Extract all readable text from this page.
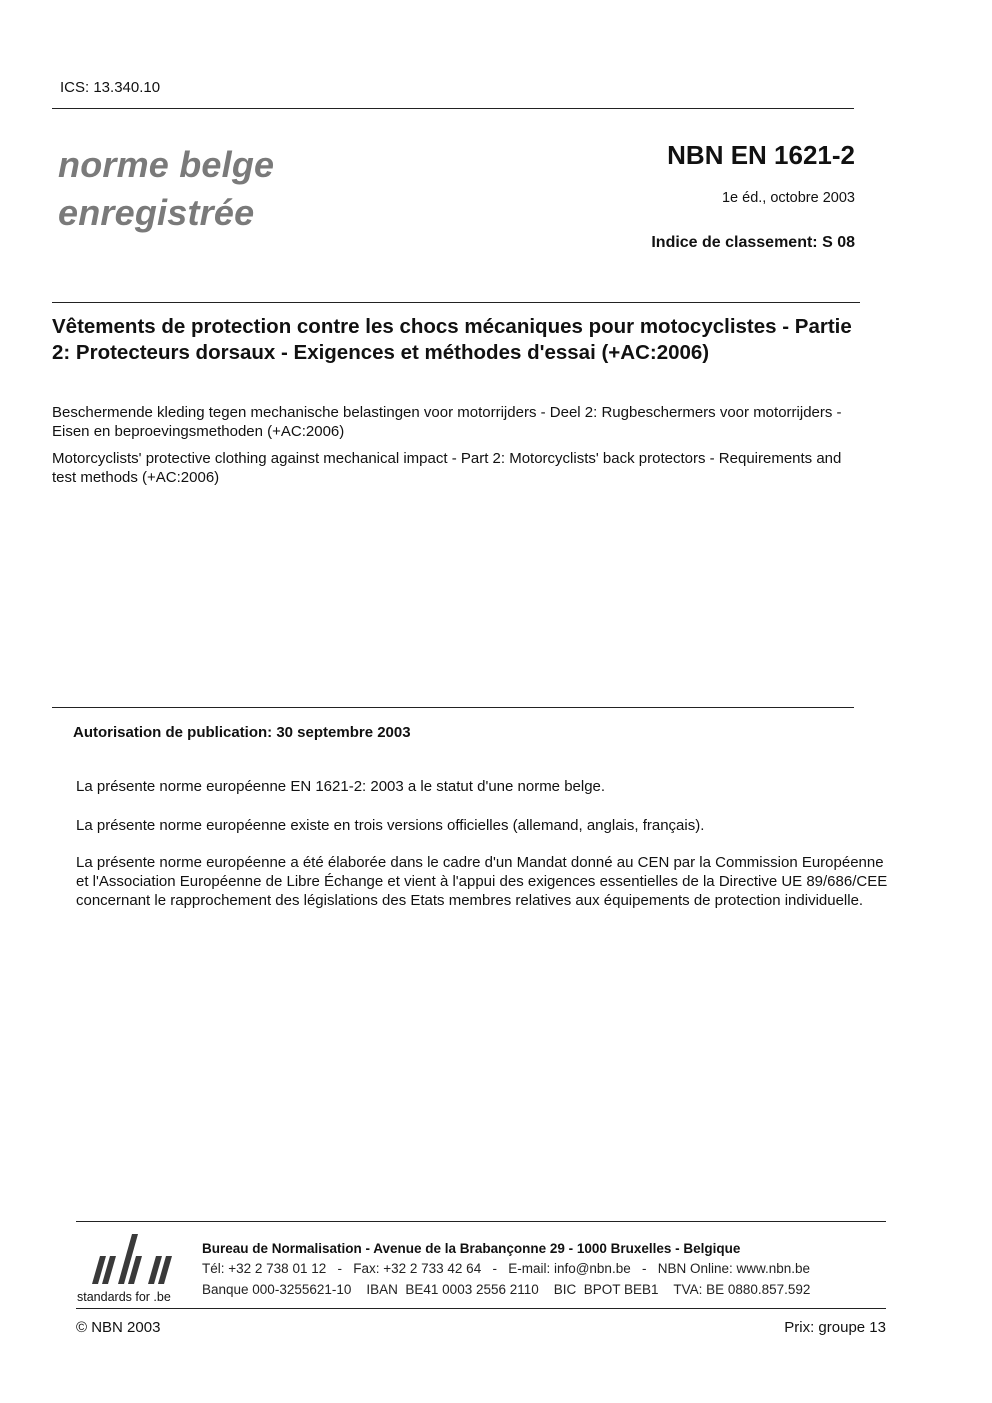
ICS: 13.340.10
norme belge
enregistrée
NBN EN 1621-2
1e éd., octobre 2003
Indice de classement: S 08
Vêtements de protection contre les chocs mécaniques pour motocyclistes - Partie 2: Protecteurs dorsaux - Exigences et méthodes d'essai (+AC:2006)
Beschermende kleding tegen mechanische belastingen voor motorrijders - Deel 2: Rugbeschermers voor motorrijders - Eisen en beproevingsmethoden (+AC:2006)
Motorcyclists' protective clothing against mechanical impact - Part 2: Motorcyclists' back protectors - Requirements and test methods (+AC:2006)
Autorisation de publication: 30 septembre 2003
La présente norme européenne EN 1621-2: 2003 a le statut d'une norme belge.
La présente norme européenne existe en trois versions officielles (allemand, anglais, français).
La présente norme européenne a été élaborée dans le cadre d'un Mandat donné au CEN par la Commission Européenne et l'Association Européenne de Libre Échange et vient à l'appui des exigences essentielles de la Directive UE 89/686/CEE concernant le rapprochement des législations des Etats membres relatives aux équipements de protection individuelle.
standards for .be
Bureau de Normalisation - Avenue de la Brabançonne 29 - 1000 Bruxelles - Belgique
Tél: +32 2 738 01 12   -   Fax: +32 2 733 42 64   -   E-mail: info@nbn.be   -   NBN Online: www.nbn.be
Banque 000-3255621-10    IBAN  BE41 0003 2556 2110    BIC  BPOT BEB1    TVA: BE 0880.857.592
© NBN 2003	Prix: groupe 13
